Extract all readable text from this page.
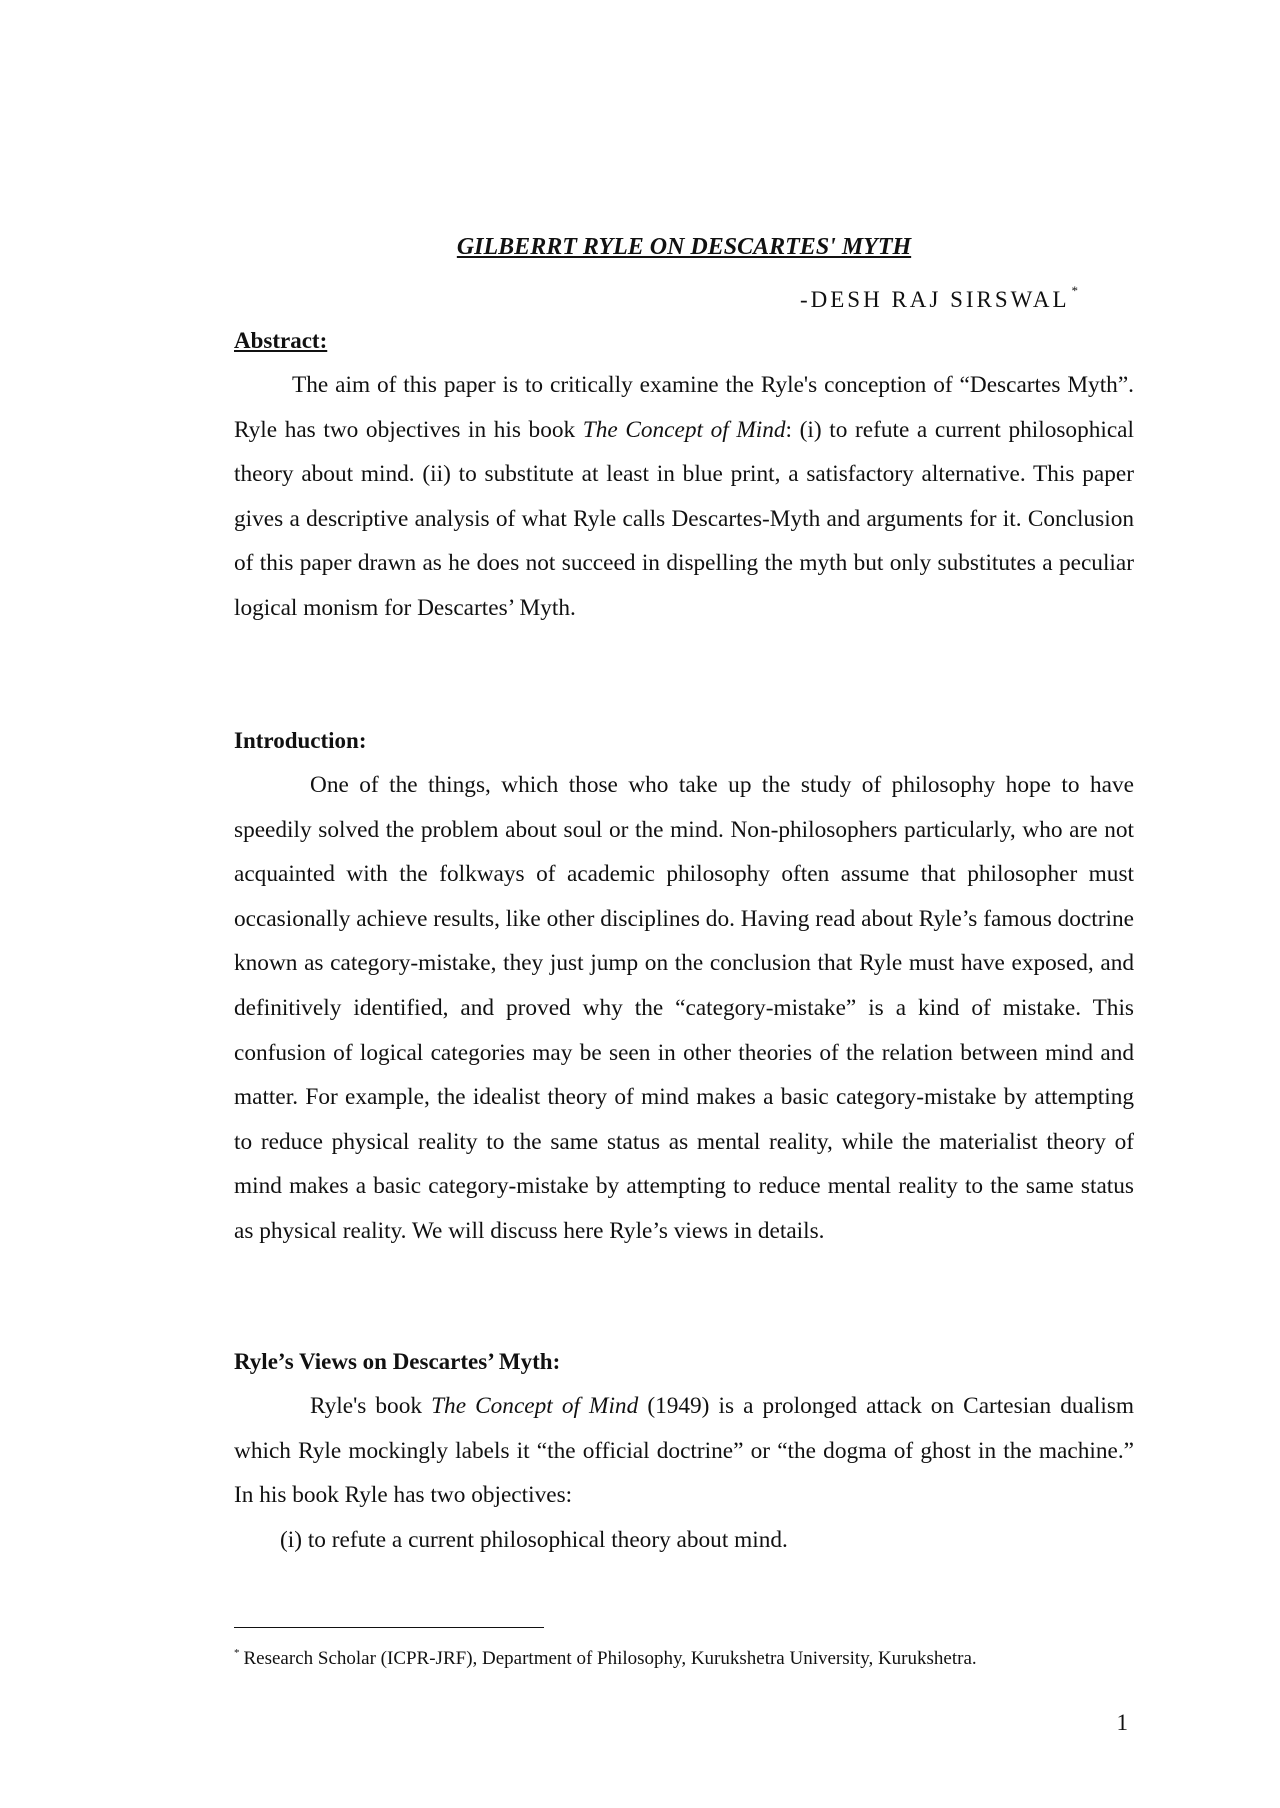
GILBERRT RYLE ON DESCARTES' MYTH

-DESH RAJ SIRSWAL *

Abstract:

The aim of this paper is to critically examine the Ryle's conception of “Descartes Myth”. Ryle has two objectives in his book The Concept of Mind: (i) to refute a current philosophical theory about mind. (ii) to substitute at least in blue print, a satisfactory alternative. This paper gives a descriptive analysis of what Ryle calls Descartes-Myth and arguments for it. Conclusion of this paper drawn as he does not succeed in dispelling the myth but only substitutes a peculiar logical monism for Descartes’ Myth.

Introduction:

One of the things, which those who take up the study of philosophy hope to have speedily solved the problem about soul or the mind. Non-philosophers particularly, who are not acquainted with the folkways of academic philosophy often assume that philosopher must occasionally achieve results, like other disciplines do. Having read about Ryle’s famous doctrine known as category-mistake, they just jump on the conclusion that Ryle must have exposed, and definitively identified, and proved why the “category-mistake” is a kind of mistake. This confusion of logical categories may be seen in other theories of the relation between mind and matter. For example, the idealist theory of mind makes a basic category-mistake by attempting to reduce physical reality to the same status as mental reality, while the materialist theory of mind makes a basic category-mistake by attempting to reduce mental reality to the same status as physical reality. We will discuss here Ryle’s views in details.

Ryle’s Views on Descartes’ Myth:

Ryle's book The Concept of Mind (1949) is a prolonged attack on Cartesian dualism which Ryle mockingly labels it “the official doctrine” or “the dogma of ghost in the machine.” In his book Ryle has two objectives:

(i) to refute a current philosophical theory about mind.

* Research Scholar (ICPR-JRF), Department of Philosophy, Kurukshetra University, Kurukshetra.

1
